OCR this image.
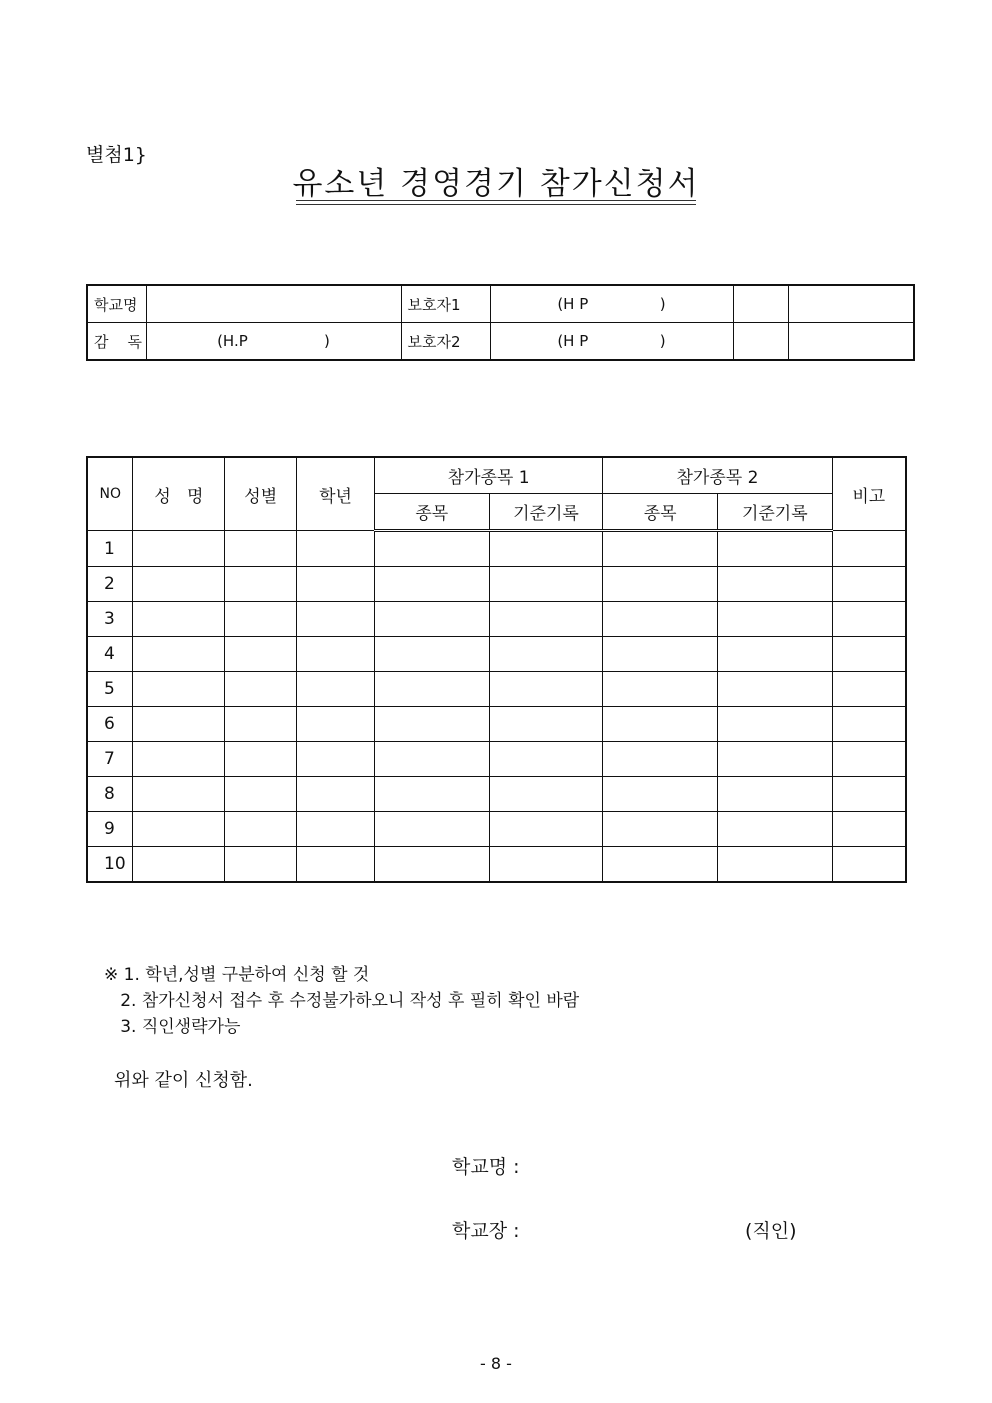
별첨1}
유소년 경영경기 참가신청서
학교명		보호자1	(H P               )		
감    독	(H.P                )	보호자2	(H P               )		
NO	성   명	성별	학년	참가종목 1		참가종목 2		비고
				종목	기준기록	종목	기준기록	
1								
2								
3								
4								
5								
6								
7								
8								
9								
10								
※ 1. 학년,성별 구분하여 신청 할 것
2. 참가신청서 접수 후 수정불가하오니 작성 후 필히 확인 바람
3. 직인생략가능
위와 같이 신청함.
학교명 :
학교장 :	(직인)
- 8 -
